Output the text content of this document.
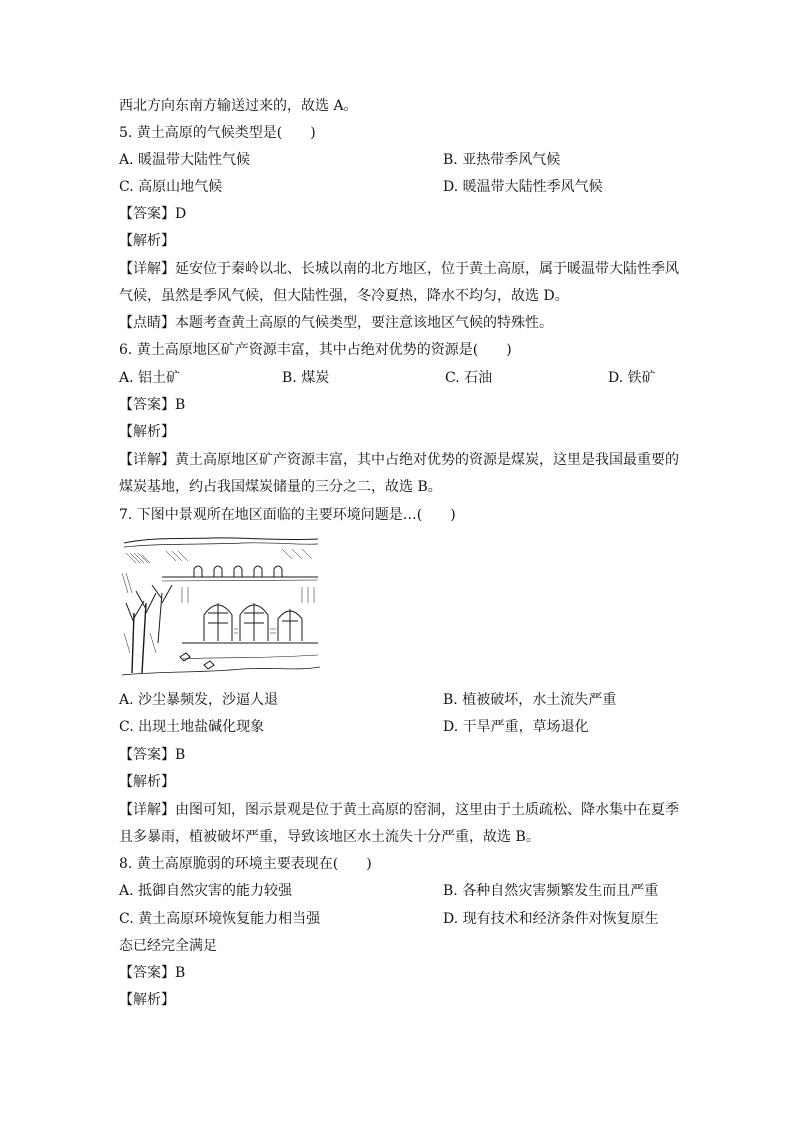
西北方向东南方输送过来的，故选 A。
5. 黄土高原的气候类型是(　　)
A. 暖温带大陆性气候	B. 亚热带季风气候
C. 高原山地气候	D. 暖温带大陆性季风气候
【答案】D
【解析】
【详解】延安位于秦岭以北、长城以南的北方地区，位于黄土高原，属于暖温带大陆性季风
气候，虽然是季风气候，但大陆性强，冬冷夏热，降水不均匀，故选 D。
【点睛】本题考查黄土高原的气候类型，要注意该地区气候的特殊性。
6. 黄土高原地区矿产资源丰富，其中占绝对优势的资源是(　　)
A. 铝土矿	B. 煤炭	C. 石油	D. 铁矿
【答案】B
【解析】
【详解】黄土高原地区矿产资源丰富，其中占绝对优势的资源是煤炭，这里是我国最重要的
煤炭基地，约占我国煤炭储量的三分之二，故选 B。
7. 下图中景观所在地区面临的主要环境问题是…(　　)
A. 沙尘暴频发，沙逼人退	B. 植被破坏，水土流失严重
C. 出现土地盐碱化现象	D. 干旱严重，草场退化
【答案】B
【解析】
【详解】由图可知，图示景观是位于黄土高原的窑洞，这里由于土质疏松、降水集中在夏季
且多暴雨，植被破坏严重，导致该地区水土流失十分严重，故选 B。
8. 黄土高原脆弱的环境主要表现在(　　)
A. 抵御自然灾害的能力较强	B. 各种自然灾害频繁发生而且严重
C. 黄土高原环境恢复能力相当强	D. 现有技术和经济条件对恢复原生
态已经完全满足
【答案】B
【解析】
